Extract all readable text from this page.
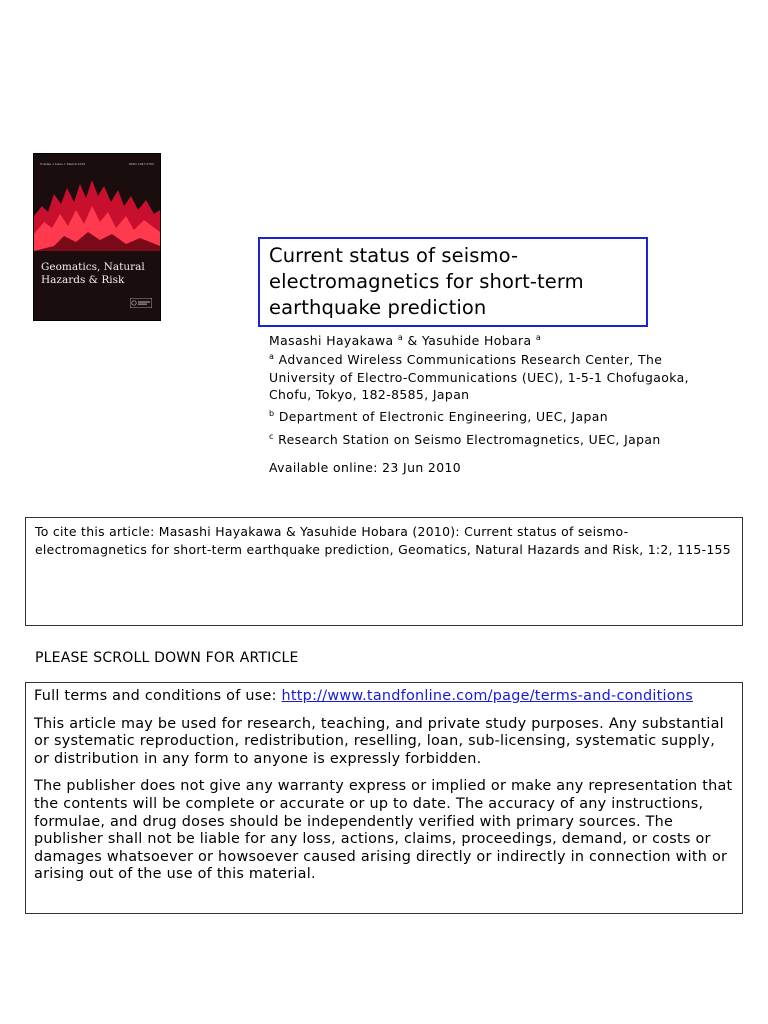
Volume 1 Issue 1 March 2010	ISSN 1947-5705
Geomatics, Natural
Hazards & Risk
Current status of seismo-
electromagnetics for short-term
earthquake prediction
Masashi Hayakawa $^a$ & Yasuhide Hobara $^a$
$^a$ Advanced Wireless Communications Research Center, The University of Electro-Communications (UEC), 1-5-1 Chofugaoka, Chofu, Tokyo, 182-8585, Japan
$^b$ Department of Electronic Engineering, UEC, Japan
$^c$ Research Station on Seismo Electromagnetics, UEC, Japan
Available online: 23 Jun 2010
To cite this article: Masashi Hayakawa & Yasuhide Hobara (2010): Current status of seismo-electromagnetics for short-term earthquake prediction, Geomatics, Natural Hazards and Risk, 1:2, 115-155
PLEASE SCROLL DOWN FOR ARTICLE

Full terms and conditions of use: http://www.tandfonline.com/page/terms-and-conditions

This article may be used for research, teaching, and private study purposes. Any substantial or systematic reproduction, redistribution, reselling, loan, sub-licensing, systematic supply, or distribution in any form to anyone is expressly forbidden.

The publisher does not give any warranty express or implied or make any representation that the contents will be complete or accurate or up to date. The accuracy of any instructions, formulae, and drug doses should be independently verified with primary sources. The publisher shall not be liable for any loss, actions, claims, proceedings, demand, or costs or damages whatsoever or howsoever caused arising directly or indirectly in connection with or arising out of the use of this material.
